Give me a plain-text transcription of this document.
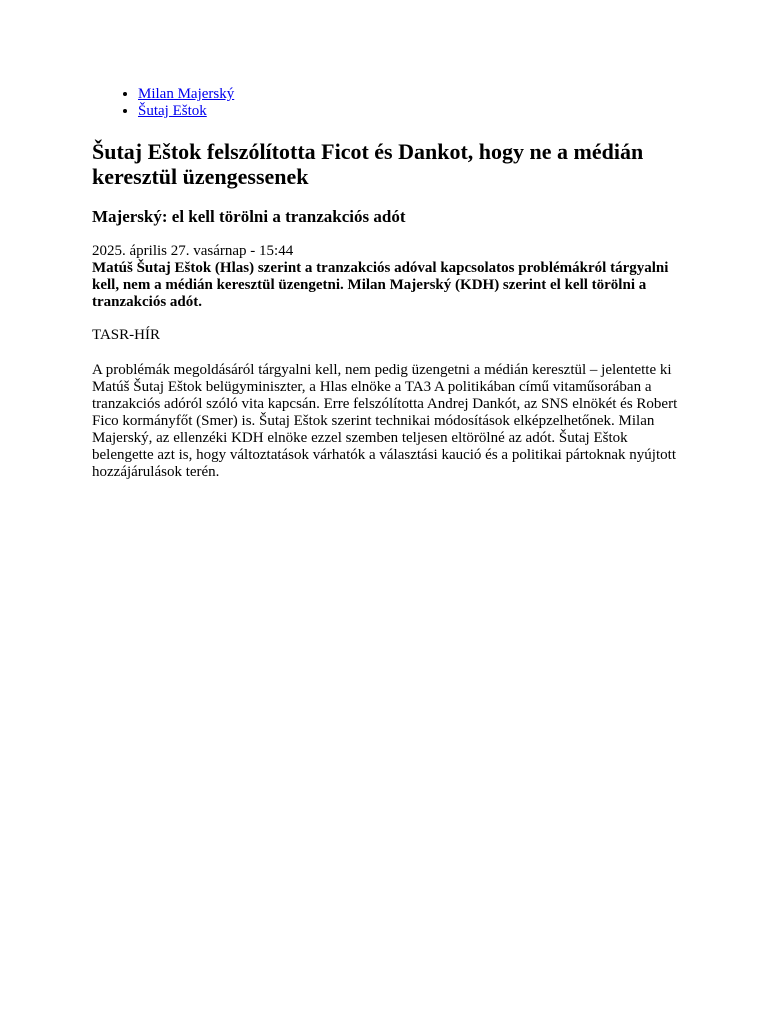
• Milan Majerský
• Šutaj Eštok
Šutaj Eštok felszólította Ficot és Dankot, hogy ne a médián keresztül üzengessenek
Majerský: el kell törölni a tranzakciós adót
2025. április 27. vasárnap - 15:44

Matúš Šutaj Eštok (Hlas) szerint a tranzakciós adóval kapcsolatos problémákról tárgyalni kell, nem a médián keresztül üzengetni. Milan Majerský (KDH) szerint el kell törölni a tranzakciós adót.

TASR-HÍR
A problémák megoldásáról tárgyalni kell, nem pedig üzengetni a médián keresztül – jelentette ki Matúš Šutaj Eštok belügyminiszter, a Hlas elnöke a TA3 A politikában című vitaműsorában a tranzakciós adóról szóló vita kapcsán. Erre felszólította Andrej Dankót, az SNS elnökét és Robert Fico kormányfőt (Smer) is. Šutaj Eštok szerint technikai módosítások elképzelhetőnek. Milan Majerský, az ellenzéki KDH elnöke ezzel szemben teljesen eltörölné az adót. Šutaj Eštok belengette azt is, hogy változtatások várhatók a választási kaució és a politikai pártoknak nyújtott hozzájárulások terén.
